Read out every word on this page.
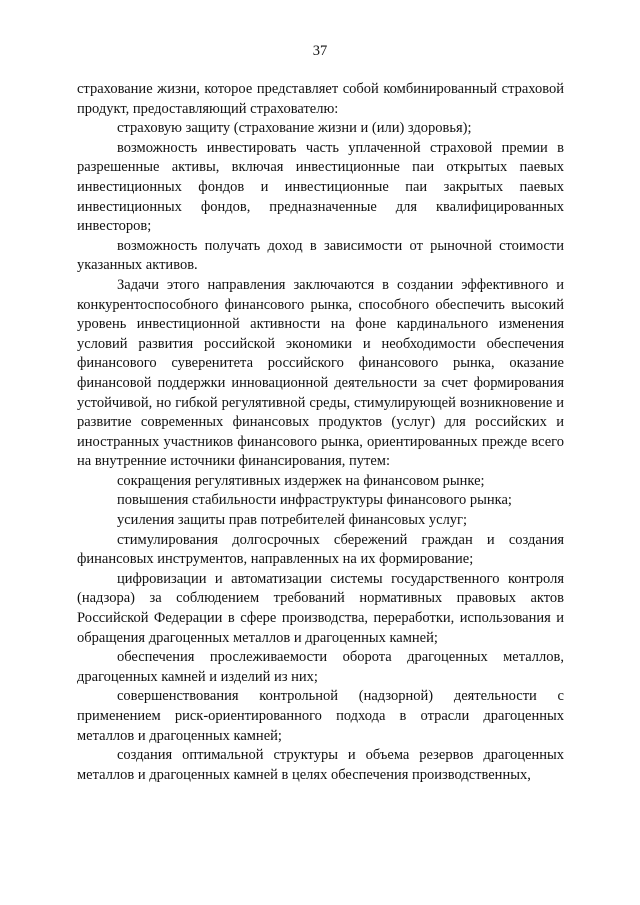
37

страхование жизни, которое представляет собой комбинированный страховой продукт, предоставляющий страхователю:

страховую защиту (страхование жизни и (или) здоровья);

возможность инвестировать часть уплаченной страховой премии в разрешенные активы, включая инвестиционные паи открытых паевых инвестиционных фондов и инвестиционные паи закрытых паевых инвестиционных фондов, предназначенные для квалифицированных инвесторов;

возможность получать доход в зависимости от рыночной стоимости указанных активов.

Задачи этого направления заключаются в создании эффективного и конкурентоспособного финансового рынка, способного обеспечить высокий уровень инвестиционной активности на фоне кардинального изменения условий развития российской экономики и необходимости обеспечения финансового суверенитета российского финансового рынка, оказание финансовой поддержки инновационной деятельности за счет формирования устойчивой, но гибкой регулятивной среды, стимулирующей возникновение и развитие современных финансовых продуктов (услуг) для российских и иностранных участников финансового рынка, ориентированных прежде всего на внутренние источники финансирования, путем:

сокращения регулятивных издержек на финансовом рынке;

повышения стабильности инфраструктуры финансового рынка;

усиления защиты прав потребителей финансовых услуг;

стимулирования долгосрочных сбережений граждан и создания финансовых инструментов, направленных на их формирование;

цифровизации и автоматизации системы государственного контроля (надзора) за соблюдением требований нормативных правовых актов Российской Федерации в сфере производства, переработки, использования и обращения драгоценных металлов и драгоценных камней;

обеспечения прослеживаемости оборота драгоценных металлов, драгоценных камней и изделий из них;

совершенствования контрольной (надзорной) деятельности с применением риск-ориентированного подхода в отрасли драгоценных металлов и драгоценных камней;

создания оптимальной структуры и объема резервов драгоценных металлов и драгоценных камней в целях обеспечения производственных,
